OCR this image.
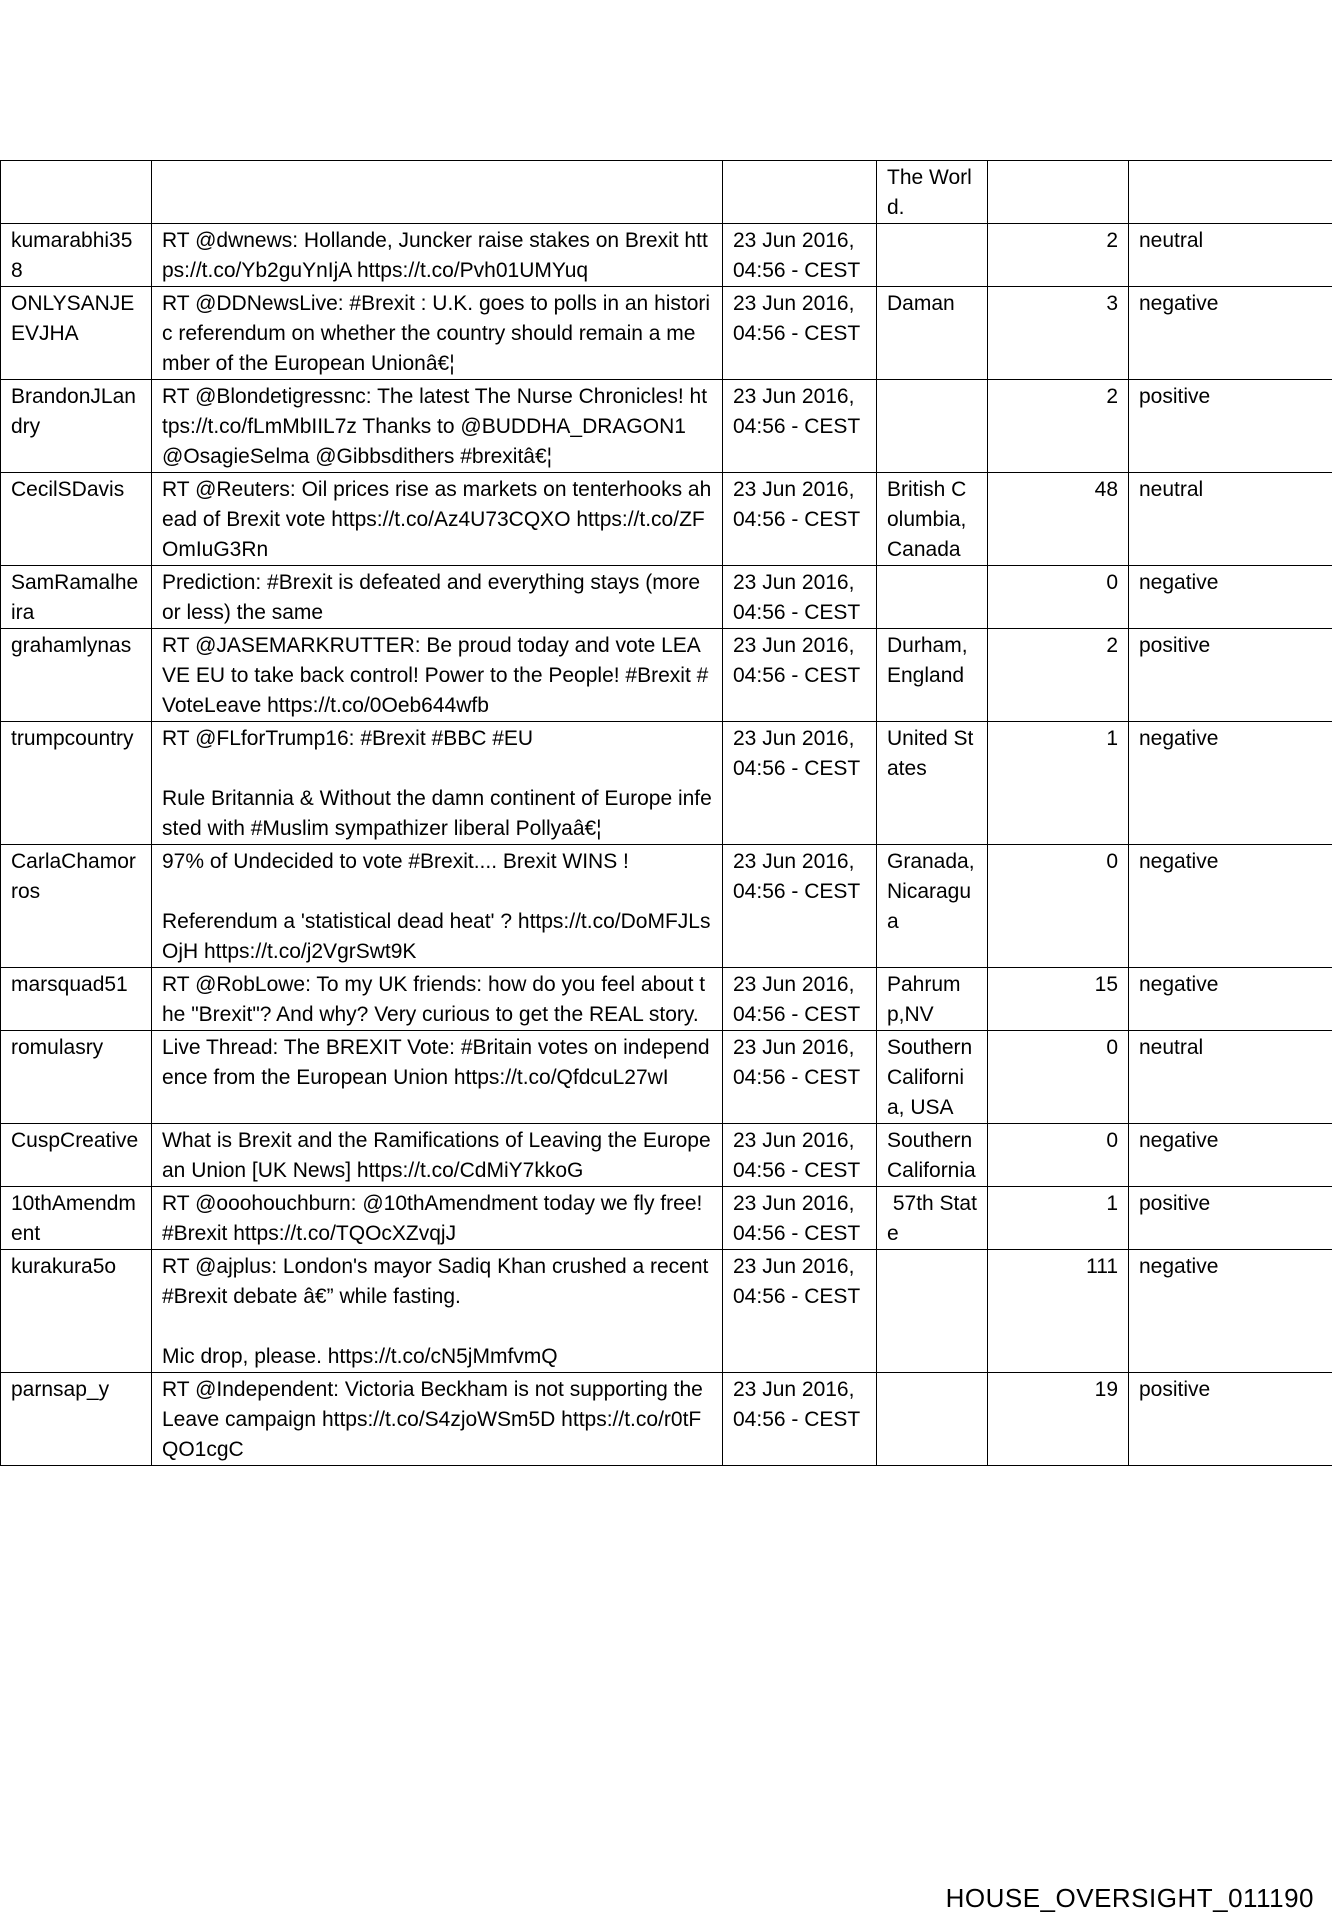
			The World.		
kumarabhi358	RT @dwnews: Hollande, Juncker raise stakes on Brexit https://t.co/Yb2guYnIjA https://t.co/Pvh01UMYuq	23 Jun 2016, 04:56 - CEST		2	neutral
ONLYSANJEEVJHA	RT @DDNewsLive: #Brexit : U.K. goes to polls in an historic referendum on whether the country should remain a member of the European Unionâ€¦	23 Jun 2016, 04:56 - CEST	Daman	3	negative
BrandonJLandry	RT @Blondetigressnc: The latest The Nurse Chronicles! https://t.co/fLmMbIIL7z Thanks to @BUDDHA_DRAGON1 @OsagieSelma @Gibbsdithers #brexitâ€¦	23 Jun 2016, 04:56 - CEST		2	positive
CecilSDavis	RT @Reuters: Oil prices rise as markets on tenterhooks ahead of Brexit vote https://t.co/Az4U73CQXO https://t.co/ZFOmIuG3Rn	23 Jun 2016, 04:56 - CEST	British Columbia, Canada	48	neutral
SamRamalheira	Prediction: #Brexit is defeated and everything stays (more or less) the same	23 Jun 2016, 04:56 - CEST		0	negative
grahamlynas	RT @JASEMARKRUTTER: Be proud today and vote LEAVE EU to take back control! Power to the People! #Brexit #VoteLeave https://t.co/0Oeb644wfb	23 Jun 2016, 04:56 - CEST	Durham, England	2	positive
trumpcountry	RT @FLforTrump16: #Brexit #BBC #EU

Rule Britannia & Without the damn continent of Europe infested with #Muslim sympathizer liberal Pollyaâ€¦	23 Jun 2016, 04:56 - CEST	United States	1	negative
CarlaChamorros	97% of Undecided to vote #Brexit.... Brexit WINS !

Referendum a 'statistical dead heat' ? https://t.co/DoMFJLsOjH https://t.co/j2VgrSwt9K	23 Jun 2016, 04:56 - CEST	Granada, Nicaragua	0	negative
marsquad51	RT @RobLowe: To my UK friends: how do you feel about the "Brexit"? And why? Very curious to get the REAL story.	23 Jun 2016, 04:56 - CEST	Pahrump,NV	15	negative
romulasry	Live Thread: The BREXIT Vote: #Britain votes on independence from the European Union https://t.co/QfdcuL27wI	23 Jun 2016, 04:56 - CEST	Southern California, USA	0	neutral
CuspCreative	What is Brexit and the Ramifications of Leaving the European Union [UK News] https://t.co/CdMiY7kkoG	23 Jun 2016, 04:56 - CEST	Southern California	0	negative
10thAmendment	RT @ooohouchburn: @10thAmendment today we fly free! #Brexit https://t.co/TQOcXZvqjJ	23 Jun 2016, 04:56 - CEST	57th State	1	positive
kurakura5o	RT @ajplus: London's mayor Sadiq Khan crushed a recent #Brexit debate â€” while fasting.

Mic drop, please. https://t.co/cN5jMmfvmQ	23 Jun 2016, 04:56 - CEST		111	negative
parnsap_y	RT @Independent: Victoria Beckham is not supporting the Leave campaign https://t.co/S4zjoWSm5D https://t.co/r0tFQO1cgC	23 Jun 2016, 04:56 - CEST		19	positive
HOUSE_OVERSIGHT_011190
